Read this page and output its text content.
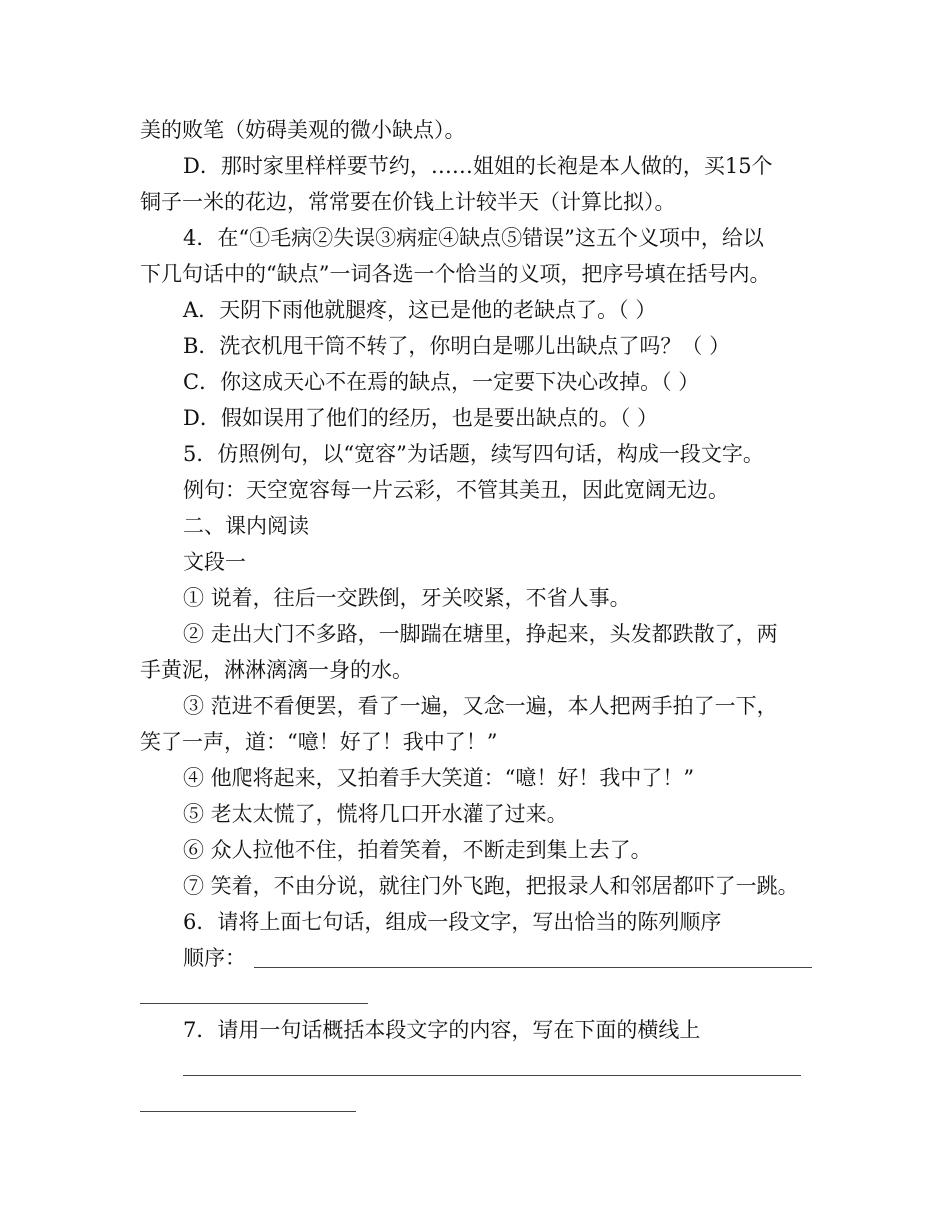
美的败笔（妨碍美观的微小缺点）。
D．那时家里样样要节约，……姐姐的长袍是本人做的，买15个
铜子一米的花边，常常要在价钱上计较半天（计算比拟）。
4．在“①毛病②失误③病症④缺点⑤错误”这五个义项中，给以
下几句话中的“缺点”一词各选一个恰当的义项，把序号填在括号内。
A．天阴下雨他就腿疼，这已是他的老缺点了。（ ）
B．洗衣机甩干筒不转了，你明白是哪儿出缺点了吗？（ ）
C．你这成天心不在焉的缺点，一定要下决心改掉。（ ）
D．假如误用了他们的经历，也是要出缺点的。（ ）
5．仿照例句，以“宽容”为话题，续写四句话，构成一段文字。
例句：天空宽容每一片云彩，不管其美丑，因此宽阔无边。
二、课内阅读
文段一
① 说着，往后一交跌倒，牙关咬紧，不省人事。
② 走出大门不多路，一脚踹在塘里，挣起来，头发都跌散了，两
手黄泥，淋淋漓漓一身的水。
③ 范进不看便罢，看了一遍，又念一遍，本人把两手拍了一下，
笑了一声，道：“噫！好了！我中了！”
④ 他爬将起来，又拍着手大笑道：“噫！好！我中了！”
⑤ 老太太慌了，慌将几口开水灌了过来。
⑥ 众人拉他不住，拍着笑着，不断走到集上去了。
⑦ 笑着，不由分说，就往门外飞跑，把报录人和邻居都吓了一跳。
6．请将上面七句话，组成一段文字，写出恰当的陈列顺序
顺序：
7．请用一句话概括本段文字的内容，写在下面的横线上
